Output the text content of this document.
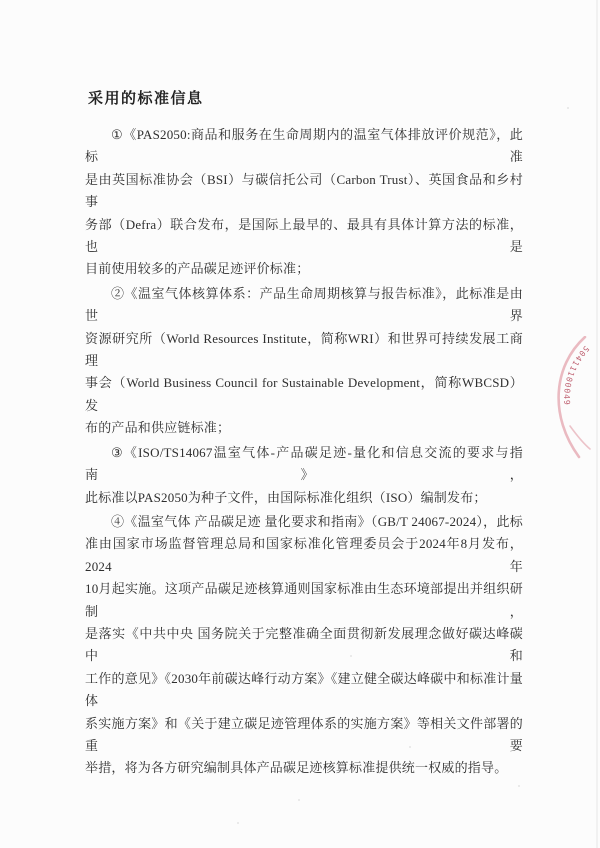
采用的标准信息
①《PAS2050:商品和服务在生命周期内的温室气体排放评价规范》，此标准
是由英国标准协会（BSI）与碳信托公司（Carbon Trust）、英国食品和乡村事
务部（Defra）联合发布，是国际上最早的、最具有具体计算方法的标准，也是
目前使用较多的产品碳足迹评价标准；
②《温室气体核算体系：产品生命周期核算与报告标准》，此标准是由世界
资源研究所（World Resources Institute，简称WRI）和世界可持续发展工商理
事会（World Business Council for Sustainable Development，简称WBCSD）发
布的产品和供应链标准；
③《ISO/TS14067温室气体-产品碳足迹-量化和信息交流的要求与指南》，
此标准以PAS2050为种子文件，由国际标准化组织（ISO）编制发布；
④《温室气体 产品碳足迹 量化要求和指南》（GB/T 24067-2024），此标
准由国家市场监督管理总局和国家标准化管理委员会于2024年8月发布，2024年
10月起实施。这项产品碳足迹核算通则国家标准由生态环境部提出并组织研制，
是落实《中共中央 国务院关于完整准确全面贯彻新发展理念做好碳达峰碳中和
工作的意见》《2030年前碳达峰行动方案》《建立健全碳达峰碳中和标准计量体
系实施方案》和《关于建立碳足迹管理体系的实施方案》等相关文件部署的重要
举措，将为各方研究编制具体产品碳足迹核算标准提供统一权威的指导。
50411100049
